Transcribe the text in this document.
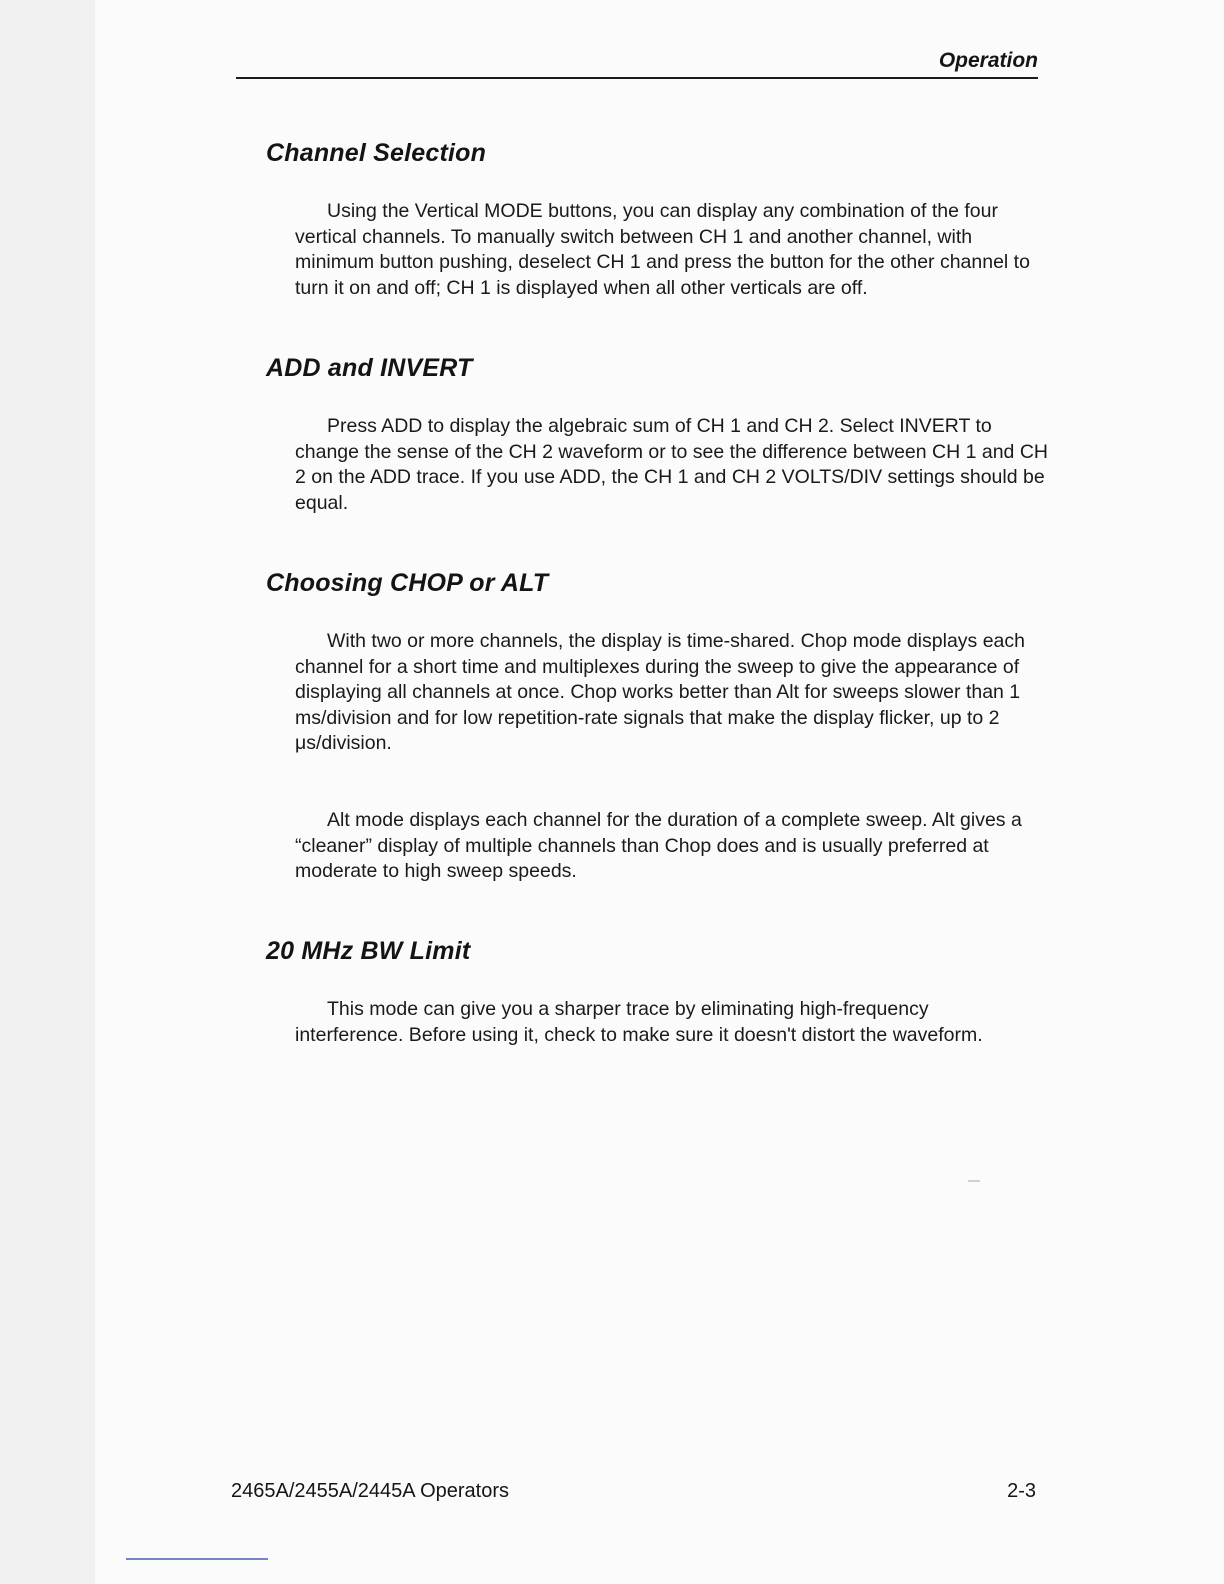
Operation
Channel Selection

Using the Vertical MODE buttons, you can display any combination of the four vertical channels. To manually switch between CH 1 and another channel, with minimum button pushing, deselect CH 1 and press the button for the other channel to turn it on and off; CH 1 is displayed when all other verticals are off.

ADD and INVERT

Press ADD to display the algebraic sum of CH 1 and CH 2. Select INVERT to change the sense of the CH 2 waveform or to see the difference between CH 1 and CH 2 on the ADD trace. If you use ADD, the CH 1 and CH 2 VOLTS/DIV settings should be equal.

Choosing CHOP or ALT

With two or more channels, the display is time-shared. Chop mode displays each channel for a short time and multiplexes during the sweep to give the appearance of displaying all channels at once. Chop works better than Alt for sweeps slower than 1 ms/division and for low repetition-rate signals that make the display flicker, up to 2 μs/division.

Alt mode displays each channel for the duration of a complete sweep. Alt gives a “cleaner” display of multiple channels than Chop does and is usually preferred at moderate to high sweep speeds.

20 MHz BW Limit

This mode can give you a sharper trace by eliminating high-frequency interference. Before using it, check to make sure it doesn't distort the waveform.

2465A/2455A/2445A Operators	2-3
